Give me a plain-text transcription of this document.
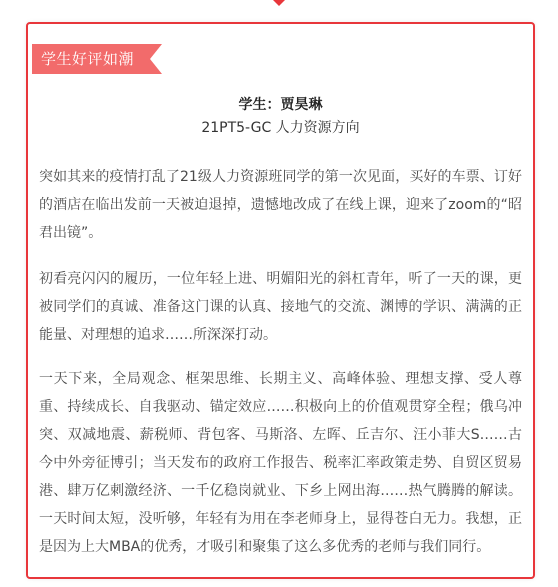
学生好评如潮
学生：贾昊琳
21PT5-GC 人力资源方向

突如其来的疫情打乱了21级人力资源班同学的第一次见面，买好的车票、订好的酒店在临出发前一天被迫退掉，遗憾地改成了在线上课，迎来了zoom的“昭君出镜”。

初看亮闪闪的履历，一位年轻上进、明媚阳光的斜杠青年，听了一天的课，更被同学们的真诚、准备这门课的认真、接地气的交流、渊博的学识、满满的正能量、对理想的追求……所深深打动。

一天下来，全局观念、框架思维、长期主义、高峰体验、理想支撑、受人尊重、持续成长、自我驱动、锚定效应……积极向上的价值观贯穿全程；俄乌冲突、双减地震、薪税师、背包客、马斯洛、左晖、丘吉尔、汪小菲大S……古今中外旁征博引；当天发布的政府工作报告、税率汇率政策走势、自贸区贸易港、肆万亿刺激经济、一千亿稳岗就业、下乡上网出海……热气腾腾的解读。一天时间太短，没听够，年轻有为用在李老师身上，显得苍白无力。我想，正是因为上大MBA的优秀，才吸引和聚集了这么多优秀的老师与我们同行。
